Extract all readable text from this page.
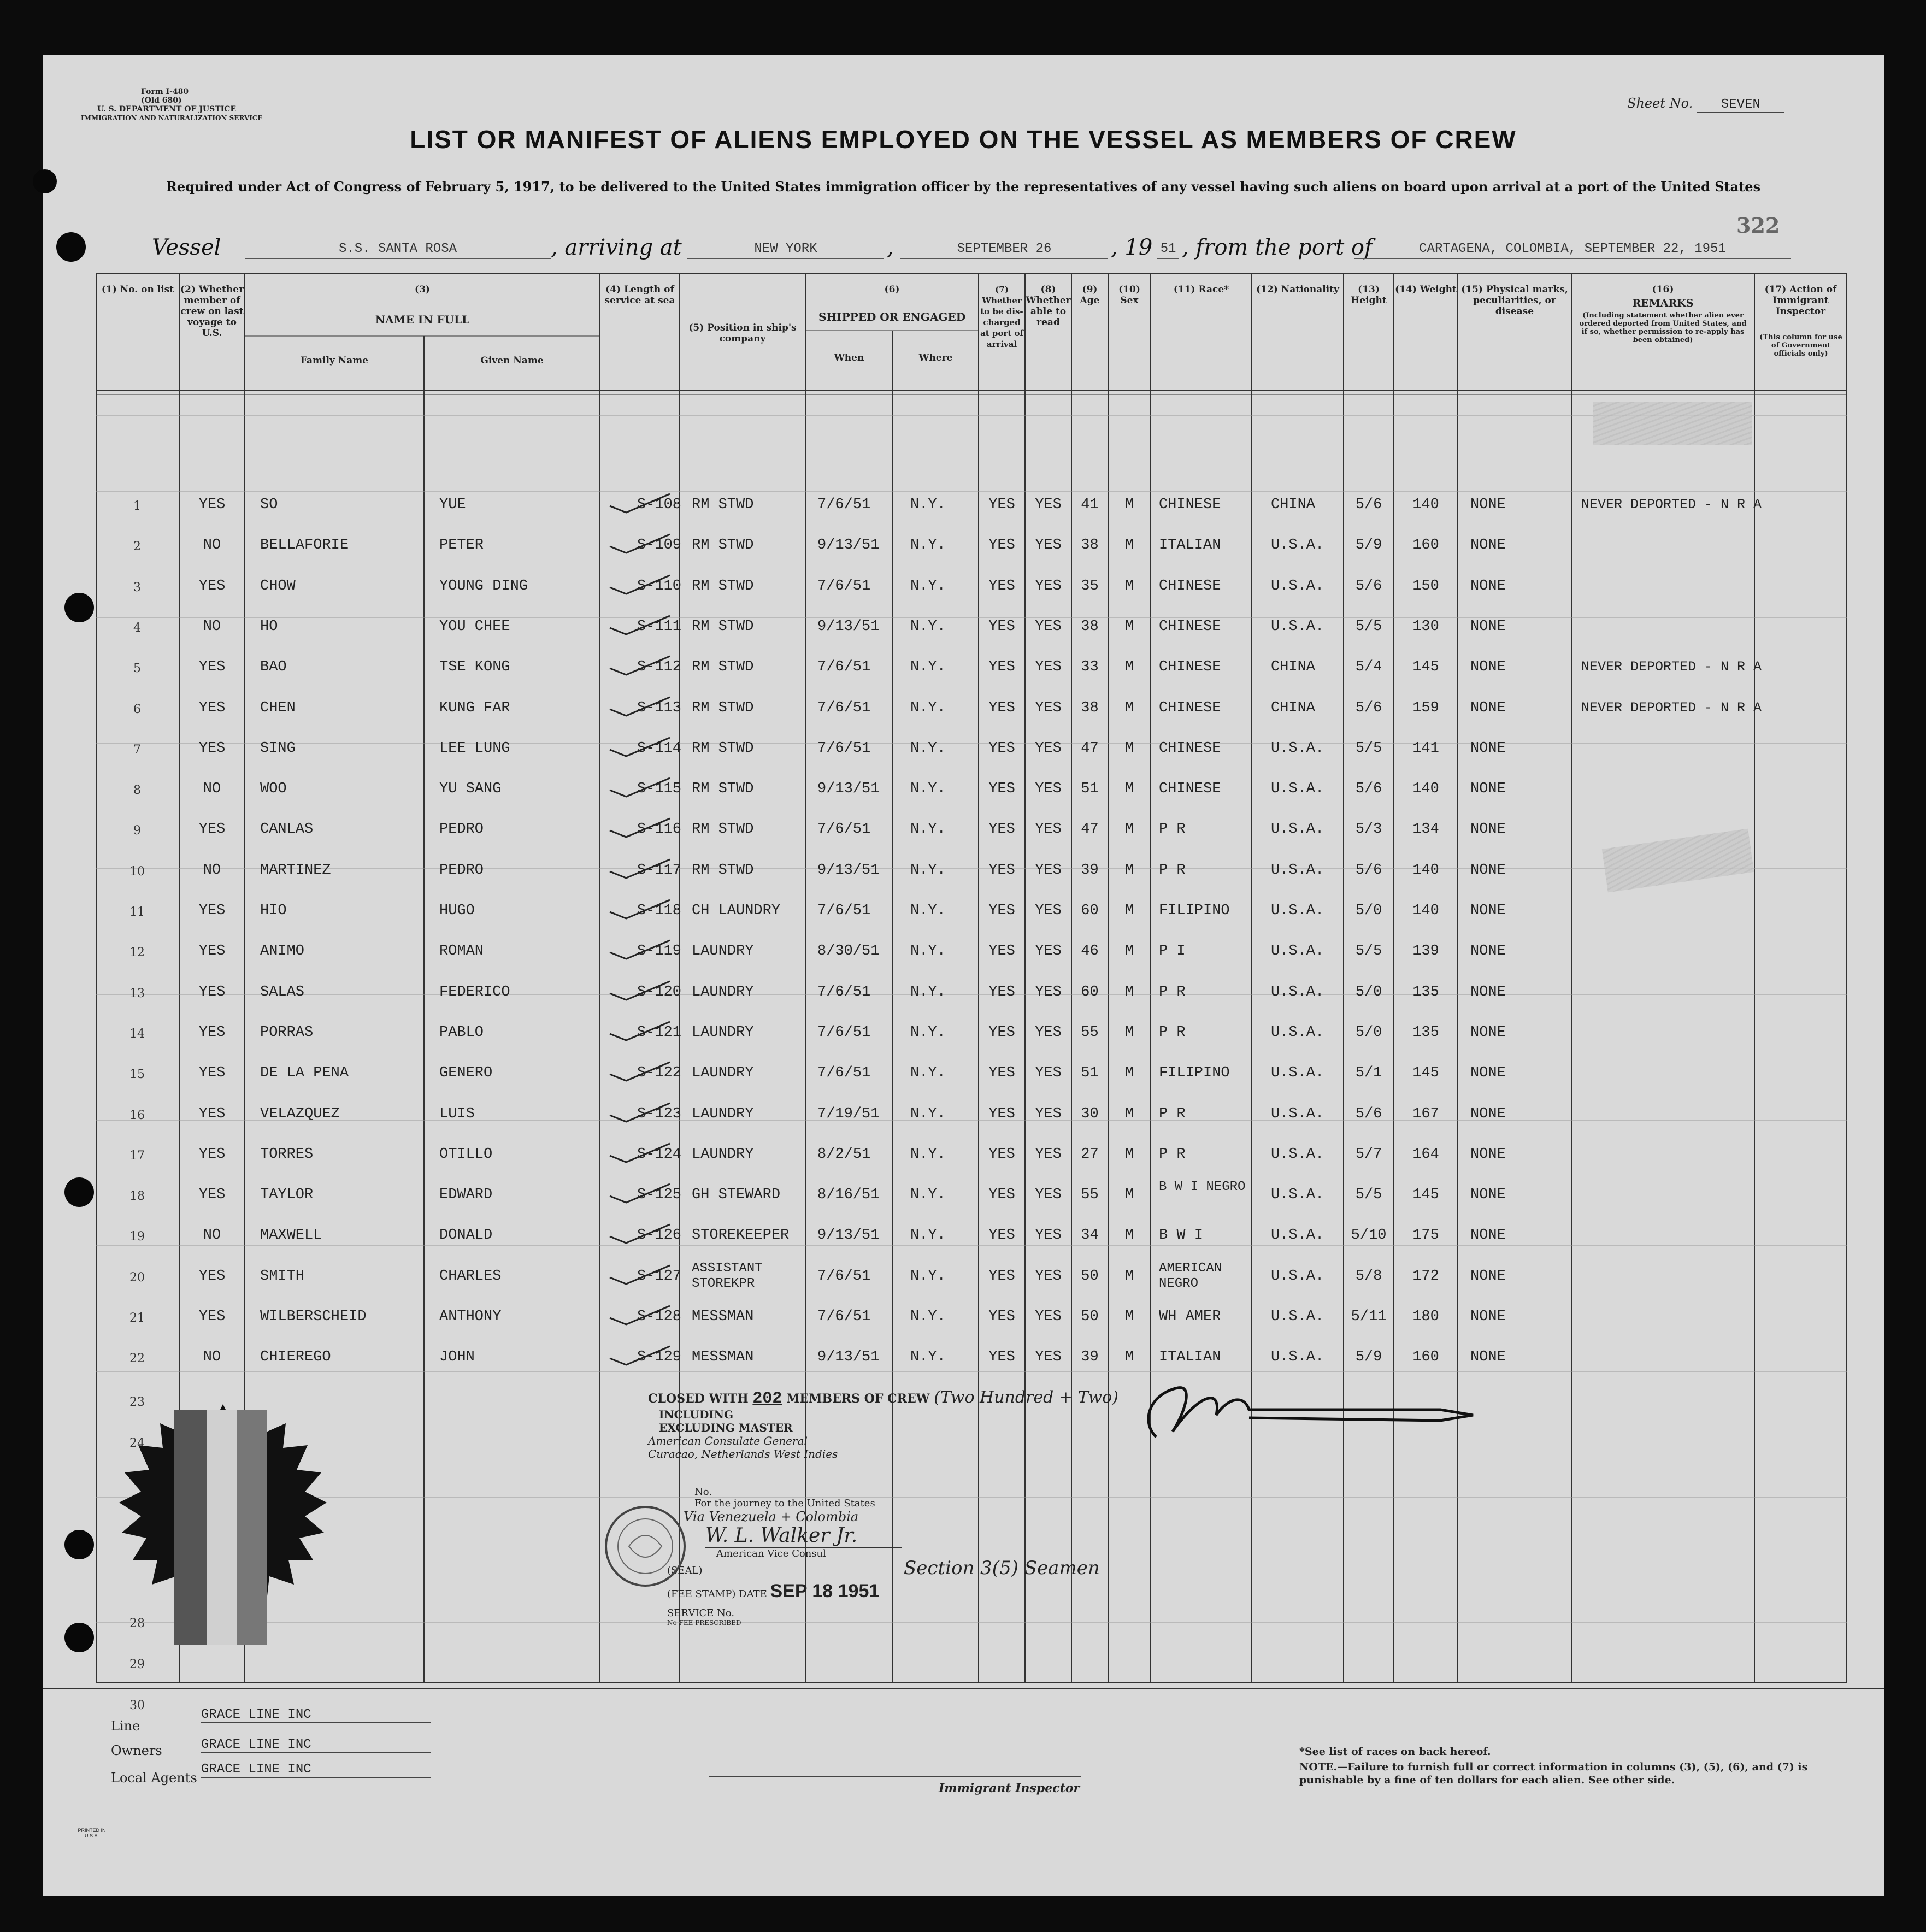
Form I-480
(Old 680)
U. S. DEPARTMENT OF JUSTICE
IMMIGRATION AND NATURALIZATION SERVICE
Sheet No. SEVEN
LIST OR MANIFEST OF ALIENS EMPLOYED ON THE VESSEL AS MEMBERS OF CREW
Required under Act of Congress of February 5, 1917, to be delivered to the United States immigration officer by the representatives of any vessel having such aliens on board upon arrival at a port of the United States
322
Vessel	S.S. SANTA ROSA	, arriving at	NEW YORK	,	SEPTEMBER 26	, 19 51 , from the port of	CARTAGENA, COLOMBIA, SEPTEMBER 22, 1951
(1) No. on list (2) Whether member of crew on last voyage to U.S.
(3)
NAME IN FULL
Family Name	Given Name
(4) Length of service at sea
(5) Position in ship's company
(6)
SHIPPED OR ENGAGED
When	Where
(7) Whether to be dis-charged at port of arrival
(8) Whether able to read
(9) Age
(10) Sex
(11) Race*	(12) Nationality	(13) Height
(14) Weight (15) Physical marks, peculiarities, or disease
(16)
REMARKS
(Including statement whether alien ever ordered deported from United States, and if so, whether permission to re-apply has been obtained)
(17) Action of Immigrant Inspector
(This column for use of Government officials only)
1	YES	SO	YUE	S-108 RM STWD	7/6/51	N.Y.	YES	YES	41	M	CHINESE	CHINA	5/6	140	NONE	NEVER DEPORTED - N R A
2	NO	BELLAFORIE	PETER	S-109 RM STWD	9/13/51	N.Y.	YES	YES	38	M	ITALIAN	U.S.A.	5/9	160	NONE
3	YES	CHOW	YOUNG DING	S-110 RM STWD	7/6/51	N.Y.	YES	YES	35	M	CHINESE	U.S.A.	5/6	150	NONE
4	NO	HO	YOU CHEE	S-111 RM STWD	9/13/51	N.Y.	YES	YES	38	M	CHINESE	U.S.A.	5/5	130	NONE
5	YES	BAO	TSE KONG	S-112 RM STWD	7/6/51	N.Y.	YES	YES	33	M	CHINESE	CHINA	5/4	145	NONE	NEVER DEPORTED - N R A
6	YES	CHEN	KUNG FAR	S-113 RM STWD	7/6/51	N.Y.	YES	YES	38	M	CHINESE	CHINA	5/6	159	NONE	NEVER DEPORTED - N R A
7	YES	SING	LEE LUNG	S-114 RM STWD	7/6/51	N.Y.	YES	YES	47	M	CHINESE	U.S.A.	5/5	141	NONE
8	NO	WOO	YU SANG	S-115 RM STWD	9/13/51	N.Y.	YES	YES	51	M	CHINESE	U.S.A.	5/6	140	NONE
9	YES	CANLAS	PEDRO	S-116 RM STWD	7/6/51	N.Y.	YES	YES	47	M	P R	U.S.A.	5/3	134	NONE
10	NO	MARTINEZ	PEDRO	S-117 RM STWD	9/13/51	N.Y.	YES	YES	39	M	P R	U.S.A.	5/6	140	NONE
11	YES	HIO	HUGO	S-118 CH LAUNDRY	7/6/51	N.Y.	YES	YES	60	M	FILIPINO	U.S.A.	5/0	140	NONE
12	YES	ANIMO	ROMAN	S-119 LAUNDRY	8/30/51	N.Y.	YES	YES	46	M	P I	U.S.A.	5/5	139	NONE
13	YES	SALAS	FEDERICO	S-120 LAUNDRY	7/6/51	N.Y.	YES	YES	60	M	P R	U.S.A.	5/0	135	NONE
14	YES	PORRAS	PABLO	S-121 LAUNDRY	7/6/51	N.Y.	YES	YES	55	M	P R	U.S.A.	5/0	135	NONE
15	YES	DE LA PENA	GENERO	S-122 LAUNDRY	7/6/51	N.Y.	YES	YES	51	M	FILIPINO	U.S.A.	5/1	145	NONE
16	YES	VELAZQUEZ	LUIS	S-123 LAUNDRY	7/19/51	N.Y.	YES	YES	30	M	P R	U.S.A.	5/6	167	NONE
17	YES	TORRES	OTILLO	S-124 LAUNDRY	8/2/51	N.Y.	YES	YES	27	M	P R	U.S.A.	5/7	164	NONE
18	YES	TAYLOR	EDWARD	S-125 GH STEWARD	8/16/51	N.Y.	YES	YES	55	M	B W I NEGRO	U.S.A.	5/5	145	NONE
19	NO	MAXWELL	DONALD	S-126 STOREKEEPER	9/13/51	N.Y.	YES	YES	34	M	B W I	U.S.A.	5/10	175	NONE
20	YES	SMITH	CHARLES	S-127 ASSISTANT STOREKPR	7/6/51	N.Y.	YES	YES	50	M	AMERICAN NEGRO	U.S.A.	5/8	172	NONE
21	YES	WILBERSCHEID	ANTHONY	S-128 MESSMAN	7/6/51	N.Y.	YES	YES	50	M	WH AMER	U.S.A.	5/11	180	NONE
22	NO	CHIEREGO	JOHN	S-129 MESSMAN	9/13/51	N.Y.	YES	YES	39	M	ITALIAN	U.S.A.	5/9	160	NONE
23
24
28
29
30
CLOSED WITH 202 MEMBERS OF CREW (Two Hundred + Two)
INCLUDING
EXCLUDING MASTER
American Consulate General
Curacao, Netherlands West Indies
No.
For the journey to the United States
Via Venezuela + Colombia
W. L. Walker Jr.
American Vice Consul
(SEAL)
(FEE STAMP) DATE SEP 18 1951
SERVICE No.
No FEE PRESCRIBED
Section 3(5) Seamen
Line
GRACE LINE INC
Owners	GRACE LINE INC
Local Agents
GRACE LINE INC
Immigrant Inspector
*See list of races on back hereof.
NOTE.—Failure to furnish full or correct information in columns (3), (5), (6), and (7) is punishable by a fine of ten dollars for each alien. See other side.
PRINTED IN U.S.A.
